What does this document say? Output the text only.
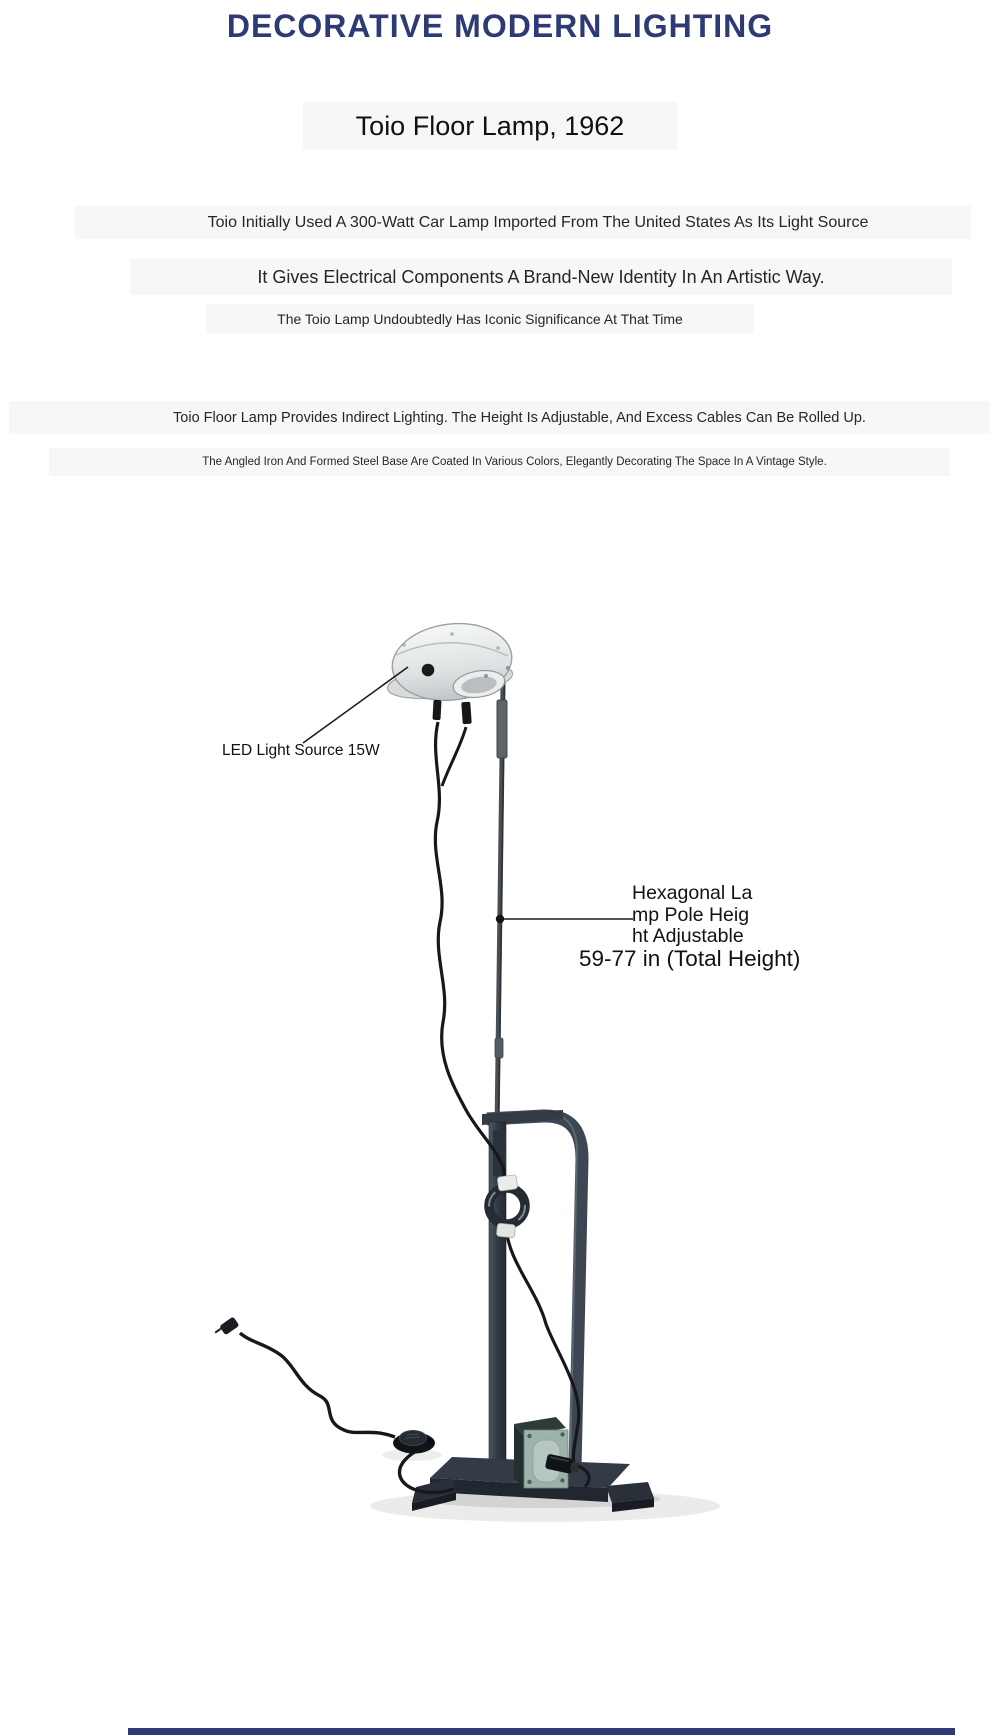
DECORATIVE MODERN LIGHTING
Toio Floor Lamp, 1962
Toio Initially Used A 300-Watt Car Lamp Imported From The United States As Its Light Source
It Gives Electrical Components A Brand-New Identity In An Artistic Way.
The Toio Lamp Undoubtedly Has Iconic Significance At That Time
Toio Floor Lamp Provides Indirect Lighting. The Height Is Adjustable, And Excess Cables Can Be Rolled Up.
The Angled Iron And Formed Steel Base Are Coated In Various Colors, Elegantly Decorating The Space In A Vintage Style.
LED Light Source 15W
Hexagonal La
mp Pole Heig
ht Adjustable
59-77 in (Total Height)
